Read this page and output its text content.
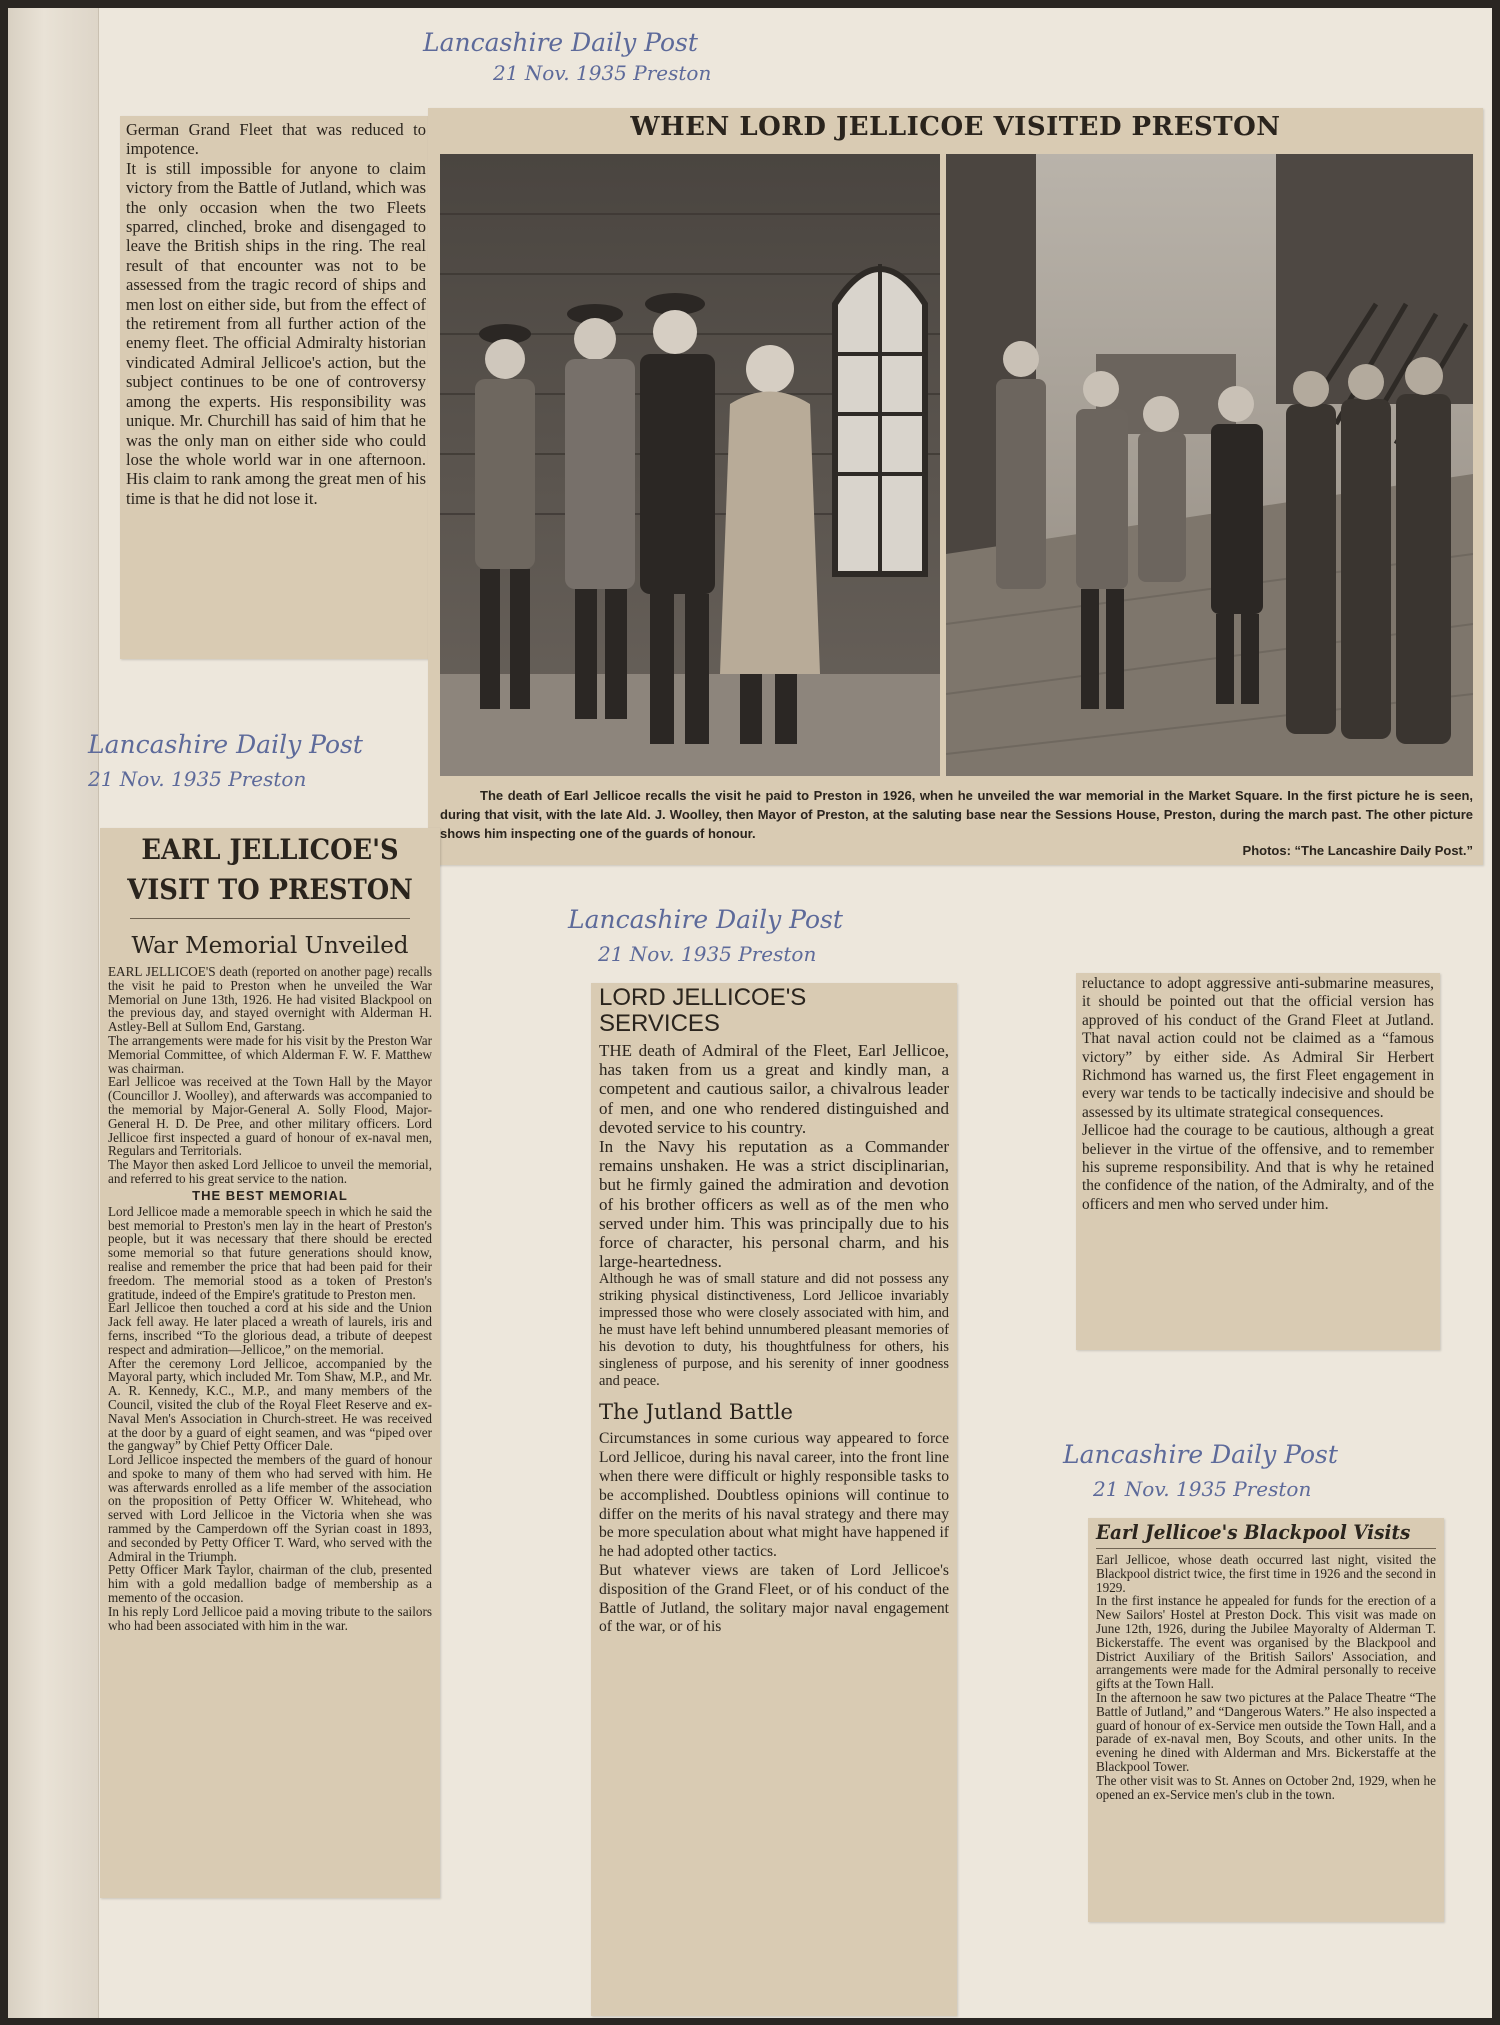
Lancashire Daily Post
21 Nov. 1935 Preston
Lancashire Daily Post
21 Nov. 1935 Preston
Lancashire Daily Post
21 Nov. 1935 Preston
Lancashire Daily Post
21 Nov. 1935 Preston

German Grand Fleet that was reduced to impotence.
It is still impossible for anyone to claim victory from the Battle of Jutland, which was the only occasion when the two Fleets sparred, clinched, broke and disengaged to leave the British ships in the ring. The real result of that encounter was not to be assessed from the tragic record of ships and men lost on either side, but from the effect of the retirement from all further action of the enemy fleet. The official Admiralty historian vindicated Admiral Jellicoe's action, but the subject continues to be one of controversy among the experts. His responsibility was unique. Mr. Churchill has said of him that he was the only man on either side who could lose the whole world war in one afternoon. His claim to rank among the great men of his time is that he did not lose it.

WHEN LORD JELLICOE VISITED PRESTON

The death of Earl Jellicoe recalls the visit he paid to Preston in 1926, when he unveiled the war memorial in the Market Square. In the first picture he is seen, during that visit, with the late Ald. J. Woolley, then Mayor of Preston, at the saluting base near the Sessions House, Preston, during the march past. The other picture shows him inspecting one of the guards of honour.

Photos: “The Lancashire Daily Post.”

EARL JELLICOE'S VISIT TO PRESTON
War Memorial Unveiled

EARL JELLICOE'S death (reported on another page) recalls the visit he paid to Preston when he unveiled the War Memorial on June 13th, 1926. He had visited Blackpool on the previous day, and stayed overnight with Alderman H. Astley-Bell at Sullom End, Garstang.
The arrangements were made for his visit by the Preston War Memorial Committee, of which Alderman F. W. F. Matthew was chairman.
Earl Jellicoe was received at the Town Hall by the Mayor (Councillor J. Woolley), and afterwards was accompanied to the memorial by Major-General A. Solly Flood, Major-General H. D. De Pree, and other military officers. Lord Jellicoe first inspected a guard of honour of ex-naval men, Regulars and Territorials.
The Mayor then asked Lord Jellicoe to unveil the memorial, and referred to his great service to the nation.

THE BEST MEMORIAL

Lord Jellicoe made a memorable speech in which he said the best memorial to Preston's men lay in the heart of Preston's people, but it was necessary that there should be erected some memorial so that future generations should know, realise and remember the price that had been paid for their freedom. The memorial stood as a token of Preston's gratitude, indeed of the Empire's gratitude to Preston men.
Earl Jellicoe then touched a cord at his side and the Union Jack fell away. He later placed a wreath of laurels, iris and ferns, inscribed “To the glorious dead, a tribute of deepest respect and admiration—Jellicoe,” on the memorial.
After the ceremony Lord Jellicoe, accompanied by the Mayoral party, which included Mr. Tom Shaw, M.P., and Mr. A. R. Kennedy, K.C., M.P., and many members of the Council, visited the club of the Royal Fleet Reserve and ex-Naval Men's Association in Church-street. He was received at the door by a guard of eight seamen, and was “piped over the gangway” by Chief Petty Officer Dale.
Lord Jellicoe inspected the members of the guard of honour and spoke to many of them who had served with him. He was afterwards enrolled as a life member of the association on the proposition of Petty Officer W. Whitehead, who served with Lord Jellicoe in the Victoria when she was rammed by the Camperdown off the Syrian coast in 1893, and seconded by Petty Officer T. Ward, who served with the Admiral in the Triumph.
Petty Officer Mark Taylor, chairman of the club, presented him with a gold medallion badge of membership as a memento of the occasion.
In his reply Lord Jellicoe paid a moving tribute to the sailors who had been associated with him in the war.

LORD JELLICOE'S SERVICES

THE death of Admiral of the Fleet, Earl Jellicoe, has taken from us a great and kindly man, a competent and cautious sailor, a chivalrous leader of men, and one who rendered distinguished and devoted service to his country.
In the Navy his reputation as a Commander remains unshaken. He was a strict disciplinarian, but he firmly gained the admiration and devotion of his brother officers as well as of the men who served under him. This was principally due to his force of character, his personal charm, and his large-heartedness.

Although he was of small stature and did not possess any striking physical distinctiveness, Lord Jellicoe invariably impressed those who were closely associated with him, and he must have left behind unnumbered pleasant memories of his devotion to duty, his thoughtfulness for others, his singleness of purpose, and his serenity of inner goodness and peace.

The Jutland Battle

Circumstances in some curious way appeared to force Lord Jellicoe, during his naval career, into the front line when there were difficult or highly responsible tasks to be accomplished. Doubtless opinions will continue to differ on the merits of his naval strategy and there may be more speculation about what might have happened if he had adopted other tactics.
But whatever views are taken of Lord Jellicoe's disposition of the Grand Fleet, or of his conduct of the Battle of Jutland, the solitary major naval engagement of the war, or of his

reluctance to adopt aggressive anti-submarine measures, it should be pointed out that the official version has approved of his conduct of the Grand Fleet at Jutland. That naval action could not be claimed as a “famous victory” by either side. As Admiral Sir Herbert Richmond has warned us, the first Fleet engagement in every war tends to be tactically indecisive and should be assessed by its ultimate strategical consequences.
Jellicoe had the courage to be cautious, although a great believer in the virtue of the offensive, and to remember his supreme responsibility. And that is why he retained the confidence of the nation, of the Admiralty, and of the officers and men who served under him.

Earl Jellicoe's Blackpool Visits

Earl Jellicoe, whose death occurred last night, visited the Blackpool district twice, the first time in 1926 and the second in 1929.
In the first instance he appealed for funds for the erection of a New Sailors' Hostel at Preston Dock. This visit was made on June 12th, 1926, during the Jubilee Mayoralty of Alderman T. Bickerstaffe. The event was organised by the Blackpool and District Auxiliary of the British Sailors' Association, and arrangements were made for the Admiral personally to receive gifts at the Town Hall.
In the afternoon he saw two pictures at the Palace Theatre “The Battle of Jutland,” and “Dangerous Waters.” He also inspected a guard of honour of ex-Service men outside the Town Hall, and a parade of ex-naval men, Boy Scouts, and other units. In the evening he dined with Alderman and Mrs. Bickerstaffe at the Blackpool Tower.
The other visit was to St. Annes on October 2nd, 1929, when he opened an ex-Service men's club in the town.
